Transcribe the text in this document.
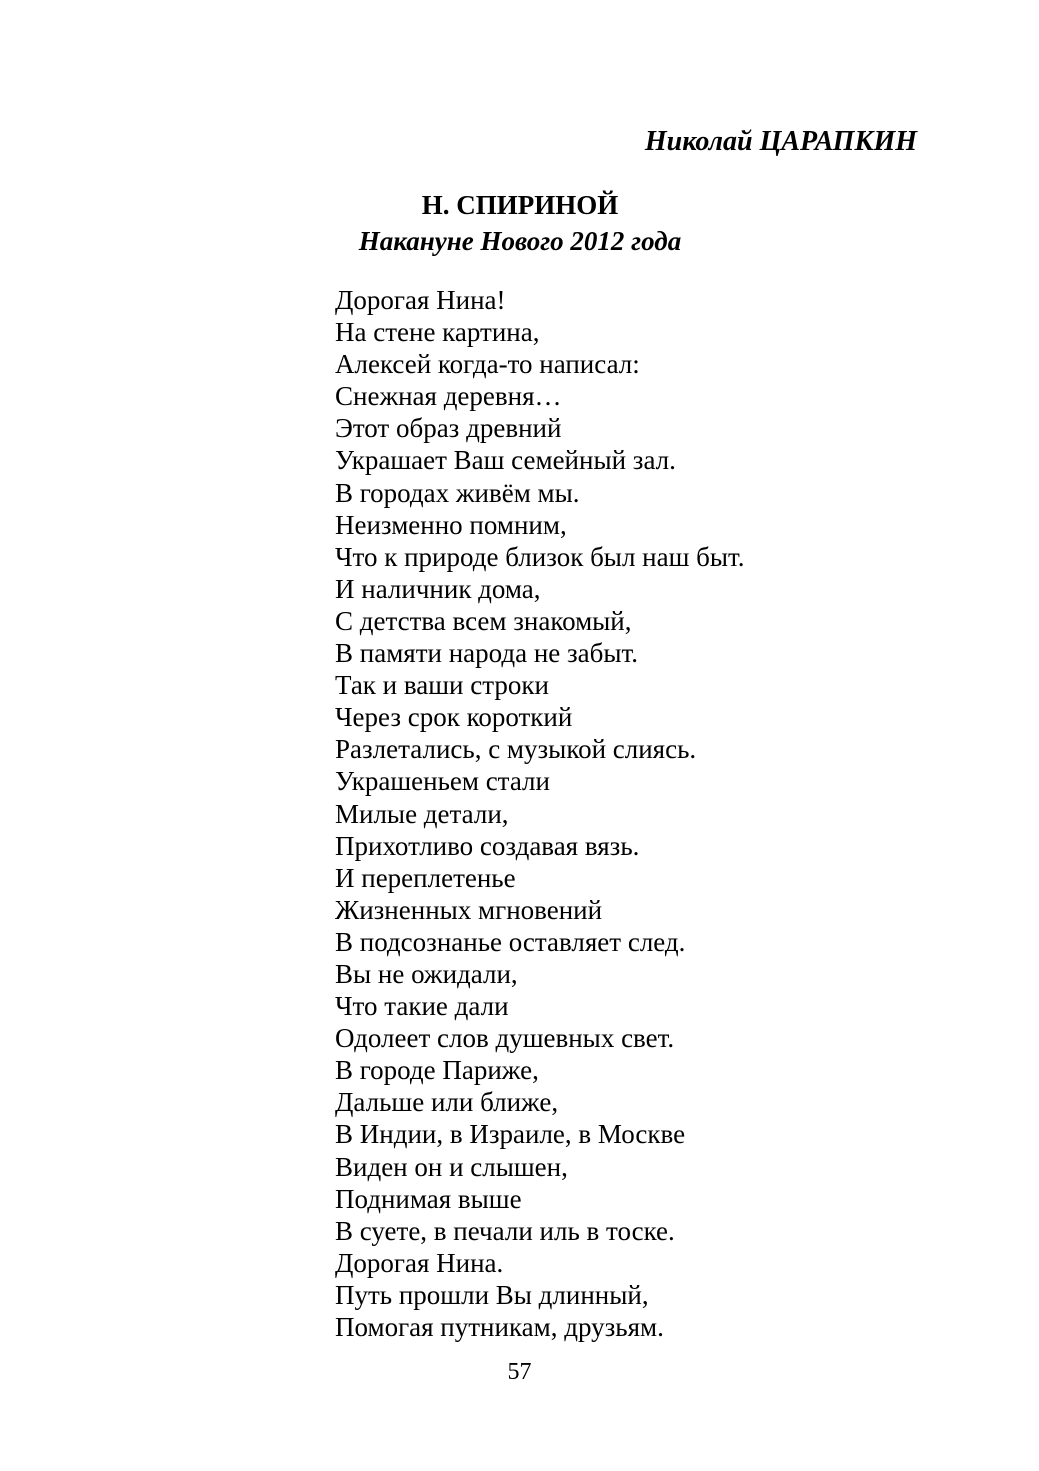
Николай ЦАРАПКИН
Н. СПИРИНОЙ
Накануне Нового 2012 года
Дорогая Нина!
На стене картина,
Алексей когда-то написал:
Снежная деревня…
Этот образ древний
Украшает Ваш семейный зал.
В городах живём мы.
Неизменно помним,
Что к природе близок был наш быт.
И наличник дома,
С детства всем знакомый,
В памяти народа не забыт.
Так и ваши строки
Через срок короткий
Разлетались, с музыкой слиясь.
Украшеньем стали
Милые детали,
Прихотливо создавая вязь.
И переплетенье
Жизненных мгновений
В подсознанье оставляет след.
Вы не ожидали,
Что такие дали
Одолеет слов душевных свет.
В городе Париже,
Дальше или ближе,
В Индии, в Израиле, в Москве
Виден он и слышен,
Поднимая выше
В суете, в печали иль в тоске.
Дорогая Нина.
Путь прошли Вы длинный,
Помогая путникам, друзьям.
57
